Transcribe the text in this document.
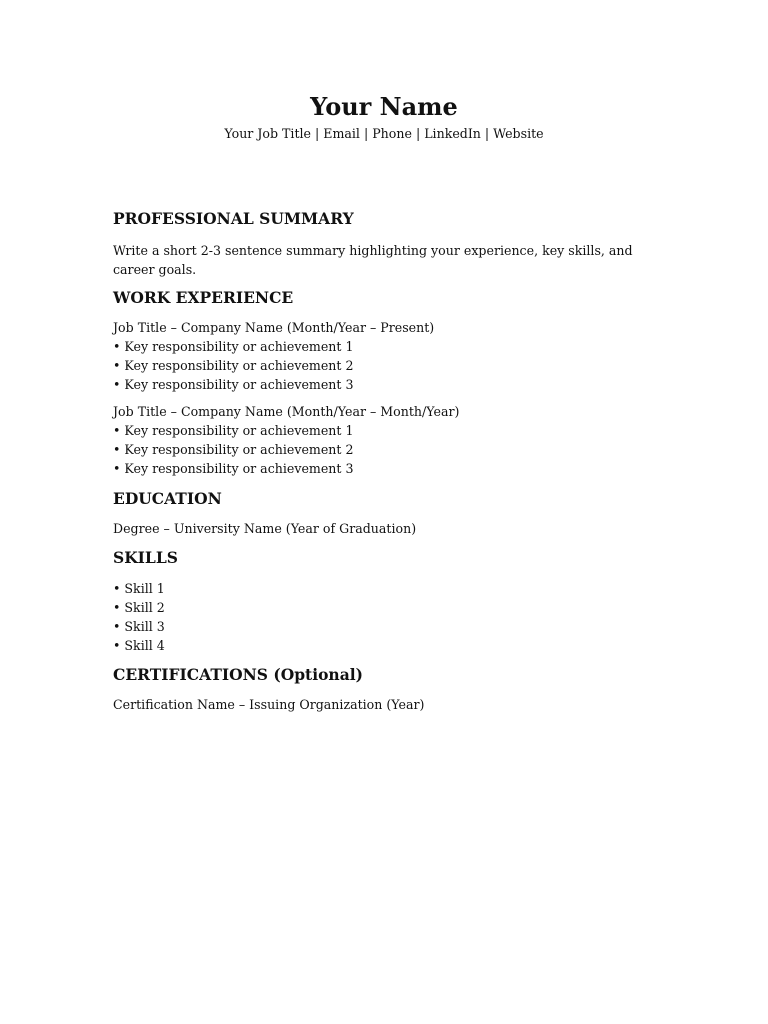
Your Name

Your Job Title | Email | Phone | LinkedIn | Website

PROFESSIONAL SUMMARY

Write a short 2-3 sentence summary highlighting your experience, key skills, and career goals.

WORK EXPERIENCE
Job Title – Company Name (Month/Year – Present)
• Key responsibility or achievement 1
• Key responsibility or achievement 2
• Key responsibility or achievement 3
Job Title – Company Name (Month/Year – Month/Year)
• Key responsibility or achievement 1
• Key responsibility or achievement 2
• Key responsibility or achievement 3
EDUCATION

Degree – University Name (Year of Graduation)

SKILLS
• Skill 1
• Skill 2
• Skill 3
• Skill 4
CERTIFICATIONS (Optional)

Certification Name – Issuing Organization (Year)
